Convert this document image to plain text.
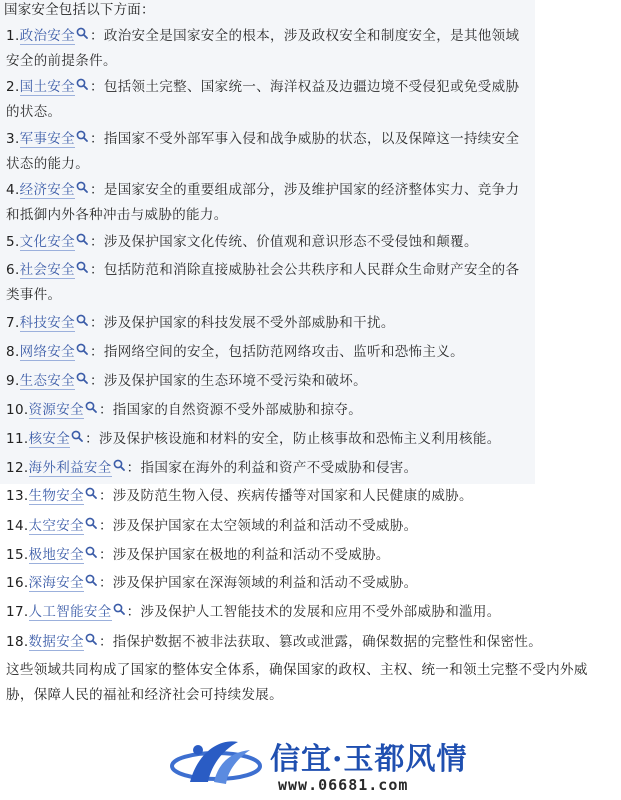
国家安全包括以下方面：
1.政治安全 ：政治安全是国家安全的根本，涉及政权安全和制度安全，是其他领域安全的前提条件。
2.国土安全 ：包括领土完整、国家统一、海洋权益及边疆边境不受侵犯或免受威胁的状态。
3.军事安全 ：指国家不受外部军事入侵和战争威胁的状态，以及保障这一持续安全状态的能力。
4.经济安全 ：是国家安全的重要组成部分，涉及维护国家的经济整体实力、竞争力和抵御内外各种冲击与威胁的能力。
5.文化安全 ：涉及保护国家文化传统、价值观和意识形态不受侵蚀和颠覆。
6.社会安全 ：包括防范和消除直接威胁社会公共秩序和人民群众生命财产安全的各类事件。
7.科技安全 ：涉及保护国家的科技发展不受外部威胁和干扰。
8.网络安全 ：指网络空间的安全，包括防范网络攻击、监听和恐怖主义。
9.生态安全 ：涉及保护国家的生态环境不受污染和破坏。
10.资源安全 ：指国家的自然资源不受外部威胁和掠夺。
11.核安全 ：涉及保护核设施和材料的安全，防止核事故和恐怖主义利用核能。
12.海外利益安全 ：指国家在海外的利益和资产不受威胁和侵害。
13.生物安全 ：涉及防范生物入侵、疾病传播等对国家和人民健康的威胁。
14.太空安全 ：涉及保护国家在太空领域的利益和活动不受威胁。
15.极地安全 ：涉及保护国家在极地的利益和活动不受威胁。
16.深海安全 ：涉及保护国家在深海领域的利益和活动不受威胁。
17.人工智能安全 ：涉及保护人工智能技术的发展和应用不受外部威胁和滥用。
18.数据安全 ：指保护数据不被非法获取、篡改或泄露，确保数据的完整性和保密性。
这些领域共同构成了国家的整体安全体系，确保国家的政权、主权、统一和领土完整不受内外威胁，保障人民的福祉和经济社会可持续发展。
信宜·玉都风情
www.06681.com
